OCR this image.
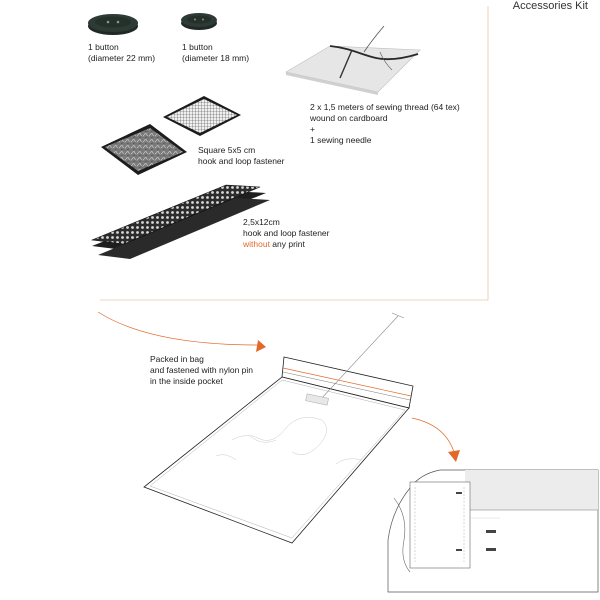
Accessories Kit
1 button
(diameter 22 mm)
1 button
(diameter 18 mm)
2 x 1,5 meters of sewing thread (64 tex)
wound on cardboard
+
1 sewing needle
Square 5x5 cm
hook and loop fastener
2,5x12cm
hook and loop fastener
without any print
Packed in bag
and fastened with nylon pin
in the inside pocket
